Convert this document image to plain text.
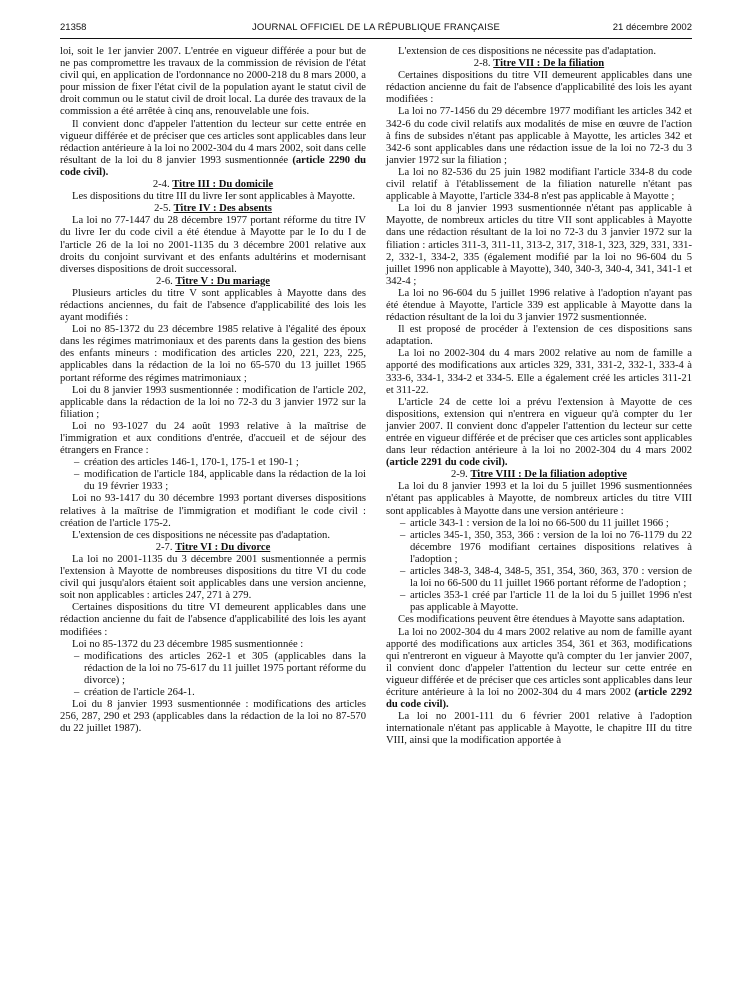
21358	JOURNAL OFFICIEL DE LA RÉPUBLIQUE FRANÇAISE	21 décembre 2002

loi, soit le 1er janvier 2007. L'entrée en vigueur différée a pour but de ne pas compromettre les travaux de la commission de révision de l'état civil qui, en application de l'ordonnance no 2000-218 du 8 mars 2000, a pour mission de fixer l'état civil de la population ayant le statut civil de droit commun ou le statut civil de droit local. La durée des travaux de la commission a été arrêtée à cinq ans, renouvelable une fois.

Il convient donc d'appeler l'attention du lecteur sur cette entrée en vigueur différée et de préciser que ces articles sont applicables dans leur rédaction antérieure à la loi no 2002-304 du 4 mars 2002, soit dans celle résultant de la loi du 8 janvier 1993 susmentionnée (article 2290 du code civil).

2-4. Titre III : Du domicile

Les dispositions du titre III du livre Ier sont applicables à Mayotte.

2-5. Titre IV : Des absents

La loi no 77-1447 du 28 décembre 1977 portant réforme du titre IV du livre Ier du code civil a été étendue à Mayotte par le Io du I de l'article 26 de la loi no 2001-1135 du 3 décembre 2001 relative aux droits du conjoint survivant et des enfants adultérins et modernisant diverses dispositions de droit successoral.

2-6. Titre V : Du mariage

Plusieurs articles du titre V sont applicables à Mayotte dans des rédactions anciennes, du fait de l'absence d'applicabilité des lois les ayant modifiés :

Loi no 85-1372 du 23 décembre 1985 relative à l'égalité des époux dans les régimes matrimoniaux et des parents dans la gestion des biens des enfants mineurs : modification des articles 220, 221, 223, 225, applicables dans la rédaction de la loi no 65-570 du 13 juillet 1965 portant réforme des régimes matrimoniaux ;

Loi du 8 janvier 1993 susmentionnée : modification de l'article 202, applicable dans la rédaction de la loi no 72-3 du 3 janvier 1972 sur la filiation ;

Loi no 93-1027 du 24 août 1993 relative à la maîtrise de l'immigration et aux conditions d'entrée, d'accueil et de séjour des étrangers en France :

– création des articles 146-1, 170-1, 175-1 et 190-1 ;
– modification de l'article 184, applicable dans la rédaction de la loi du 19 février 1933 ;

Loi no 93-1417 du 30 décembre 1993 portant diverses dispositions relatives à la maîtrise de l'immigration et modifiant le code civil : création de l'article 175-2.

L'extension de ces dispositions ne nécessite pas d'adaptation.

2-7. Titre VI : Du divorce

La loi no 2001-1135 du 3 décembre 2001 susmentionnée a permis l'extension à Mayotte de nombreuses dispositions du titre VI du code civil qui jusqu'alors étaient soit applicables dans une version ancienne, soit non applicables : articles 247, 271 à 279.

Certaines dispositions du titre VI demeurent applicables dans une rédaction ancienne du fait de l'absence d'applicabilité des lois les ayant modifiées :

Loi no 85-1372 du 23 décembre 1985 susmentionnée :

– modifications des articles 262-1 et 305 (applicables dans la rédaction de la loi no 75-617 du 11 juillet 1975 portant réforme du divorce) ;
– création de l'article 264-1.

Loi du 8 janvier 1993 susmentionnée : modifications des articles 256, 287, 290 et 293 (applicables dans la rédaction de la loi no 87-570 du 22 juillet 1987).

L'extension de ces dispositions ne nécessite pas d'adaptation.

2-8. Titre VII : De la filiation

Certaines dispositions du titre VII demeurent applicables dans une rédaction ancienne du fait de l'absence d'applicabilité des lois les ayant modifiées :

La loi no 77-1456 du 29 décembre 1977 modifiant les articles 342 et 342-6 du code civil relatifs aux modalités de mise en œuvre de l'action à fins de subsides n'étant pas applicable à Mayotte, les articles 342 et 342-6 sont applicables dans une rédaction issue de la loi no 72-3 du 3 janvier 1972 sur la filiation ;

La loi no 82-536 du 25 juin 1982 modifiant l'article 334-8 du code civil relatif à l'établissement de la filiation naturelle n'étant pas applicable à Mayotte, l'article 334-8 n'est pas applicable à Mayotte ;

La loi du 8 janvier 1993 susmentionnée n'étant pas applicable à Mayotte, de nombreux articles du titre VII sont applicables à Mayotte dans une rédaction résultant de la loi no 72-3 du 3 janvier 1972 sur la filiation : articles 311-3, 311-11, 313-2, 317, 318-1, 323, 329, 331, 331-2, 332-1, 334-2, 335 (également modifié par la loi no 96-604 du 5 juillet 1996 non applicable à Mayotte), 340, 340-3, 340-4, 341, 341-1 et 342-4 ;

La loi no 96-604 du 5 juillet 1996 relative à l'adoption n'ayant pas été étendue à Mayotte, l'article 339 est applicable à Mayotte dans la rédaction résultant de la loi du 3 janvier 1972 susmentionnée.

Il est proposé de procéder à l'extension de ces dispositions sans adaptation.

La loi no 2002-304 du 4 mars 2002 relative au nom de famille a apporté des modifications aux articles 329, 331, 331-2, 332-1, 333-4 à 333-6, 334-1, 334-2 et 334-5. Elle a également créé les articles 311-21 et 311-22.

L'article 24 de cette loi a prévu l'extension à Mayotte de ces dispositions, extension qui n'entrera en vigueur qu'à compter du 1er janvier 2007. Il convient donc d'appeler l'attention du lecteur sur cette entrée en vigueur différée et de préciser que ces articles sont applicables dans leur rédaction antérieure à la loi no 2002-304 du 4 mars 2002 (article 2291 du code civil).

2-9. Titre VIII : De la filiation adoptive

La loi du 8 janvier 1993 et la loi du 5 juillet 1996 susmentionnées n'étant pas applicables à Mayotte, de nombreux articles du titre VIII sont applicables à Mayotte dans une version antérieure :

– article 343-1 : version de la loi no 66-500 du 11 juillet 1966 ;
– articles 345-1, 350, 353, 366 : version de la loi no 76-1179 du 22 décembre 1976 modifiant certaines dispositions relatives à l'adoption ;
– articles 348-3, 348-4, 348-5, 351, 354, 360, 363, 370 : version de la loi no 66-500 du 11 juillet 1966 portant réforme de l'adoption ;
– articles 353-1 créé par l'article 11 de la loi du 5 juillet 1996 n'est pas applicable à Mayotte.

Ces modifications peuvent être étendues à Mayotte sans adaptation.

La loi no 2002-304 du 4 mars 2002 relative au nom de famille ayant apporté des modifications aux articles 354, 361 et 363, modifications qui n'entreront en vigueur à Mayotte qu'à compter du 1er janvier 2007, il convient donc d'appeler l'attention du lecteur sur cette entrée en vigueur différée et de préciser que ces articles sont applicables dans leur écriture antérieure à la loi no 2002-304 du 4 mars 2002 (article 2292 du code civil).

La loi no 2001-111 du 6 février 2001 relative à l'adoption internationale n'étant pas applicable à Mayotte, le chapitre III du titre VIII, ainsi que la modification apportée à
